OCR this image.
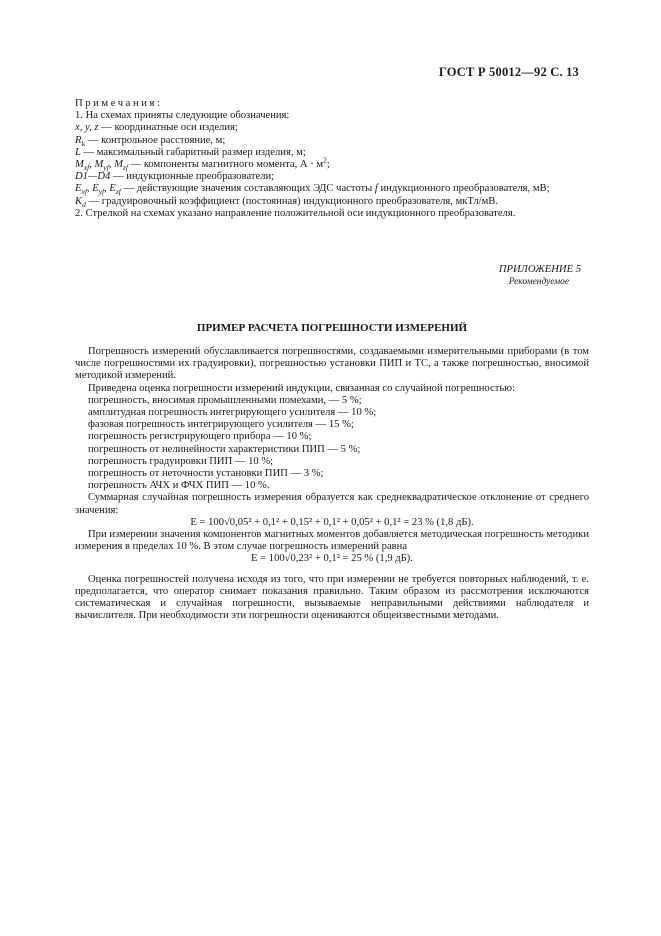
ГОСТ Р 50012—92 С. 13

Примечания:

1. На схемах приняты следующие обозначения:

x, y, z — координатные оси изделия;

$R_k$ — контрольное расстояние, м;

L — максимальный габаритный размер изделия, м;

$M_{xf}$, $M_{yf}$, $M_{zf}$ — компоненты магнитного момента, $А \cdot м^2$;

D1—D4 — индукционные преобразователи;

$E_{xf}$, $E_{yf}$, $E_{zf}$ — действующие значения составляющих ЭДС частоты f индукционного преобразователя, мВ;

$K_d$ — градуировочный коэффициент (постоянная) индукционного преобразователя, мкТл/мВ.

2. Стрелкой на схемах указано направление положительной оси индукционного преобразователя.

ПРИЛОЖЕНИЕ 5
Рекомендуемое
ПРИМЕР РАСЧЕТА ПОГРЕШНОСТИ ИЗМЕРЕНИЙ

Погрешность измерений обуславливается погрешностями, создаваемыми измерительными приборами (в том числе погрешностями их градуировки), погрешностью установки ПИП и ТС, а также погрешностью, вносимой методикой измерений.

Приведена оценка погрешности измерений индукции, связанная со случайной погрешностью:

погрешность, вносимая промышленными помехами, — 5 %;

амплитудная погрешность интегрирующего усилителя — 10 %;

фазовая погрешность интегрирующего усилителя — 15 %;

погрешность регистрирующего прибора — 10 %;

погрешность от нелинейности характеристики ПИП — 5 %;

погрешность градуировки ПИП — 10 %;

погрешность от неточности установки ПИП — 3 %;

погрешность АЧХ и ФЧХ ПИП — 10 %.

Суммарная случайная погрешность измерения образуется как среднеквадратическое отклонение от среднего значения:

E = 100√0,05² + 0,1² + 0,15² + 0,1² + 0,05² + 0,1² = 23 % (1,8 дБ).

При измерении значения компонентов магнитных моментов добавляется методическая погрешность методики измерения в пределах 10 %. В этом случае погрешность измерений равна

E = 100√0,23² + 0,1² = 25 % (1,9 дБ).

Оценка погрешностей получена исходя из того, что при измерении не требуется повторных наблюдений, т. е. предполагается, что оператор снимает показания правильно. Таким образом из рассмотрения исключаются систематическая и случайная погрешности, вызываемые неправильными действиями наблюдателя и вычислителя. При необходимости эти погрешности оцениваются общеизвестными методами.
